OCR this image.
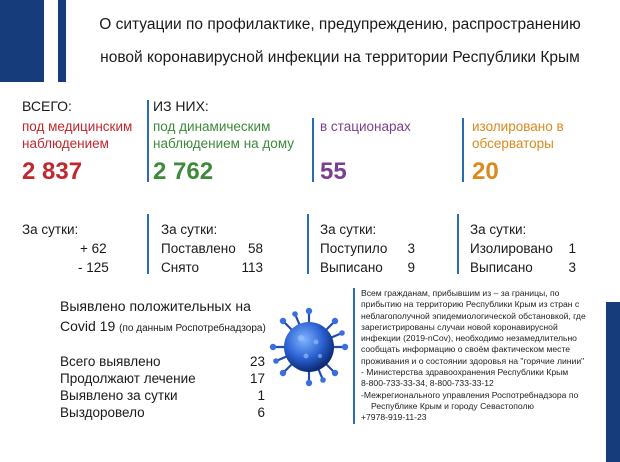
О ситуации по профилактике, предупреждению, распространению
новой коронавирусной инфекции на территории Республики Крым
ВСЕГО:
под медицинским
наблюдением
2 837
ИЗ НИХ:
под динамическим
наблюдением на дому
2 762
в стационарах
55
изолировано в
обсерваторы
20
За сутки:
+ 62
- 125
За сутки:
Поставлено 58
Снято	113
За сутки:
Поступило 3
Выписано 9
За сутки:
Изолировано 1
Выписано	3
Выявлено положительных на
Covid 19 (по данным Роспотребнадзора)
Всего выявлено	23
Продолжают лечение	17
Выявлено за сутки	1
Выздоровело	6

Всем гражданам, прибывшим из – за границы, по

прибытию на территорию Республики Крым из стран с

неблагополучной эпидемиологической обстановкой, где

зарегистрированы случаи новой коронавирусной

инфекции (2019-nCov), необходимо незамедлительно

сообщать информацию о своём фактическом месте

проживания и о состоянии здоровья на "горячие линии"

- Министерства здравоохранения Республики Крым

8-800-733-33-34, 8-800-733-33-12

-Межрегионального управления Роспотребнадзора по

Республике Крым и городу Севастополю

+7978-919-11-23
